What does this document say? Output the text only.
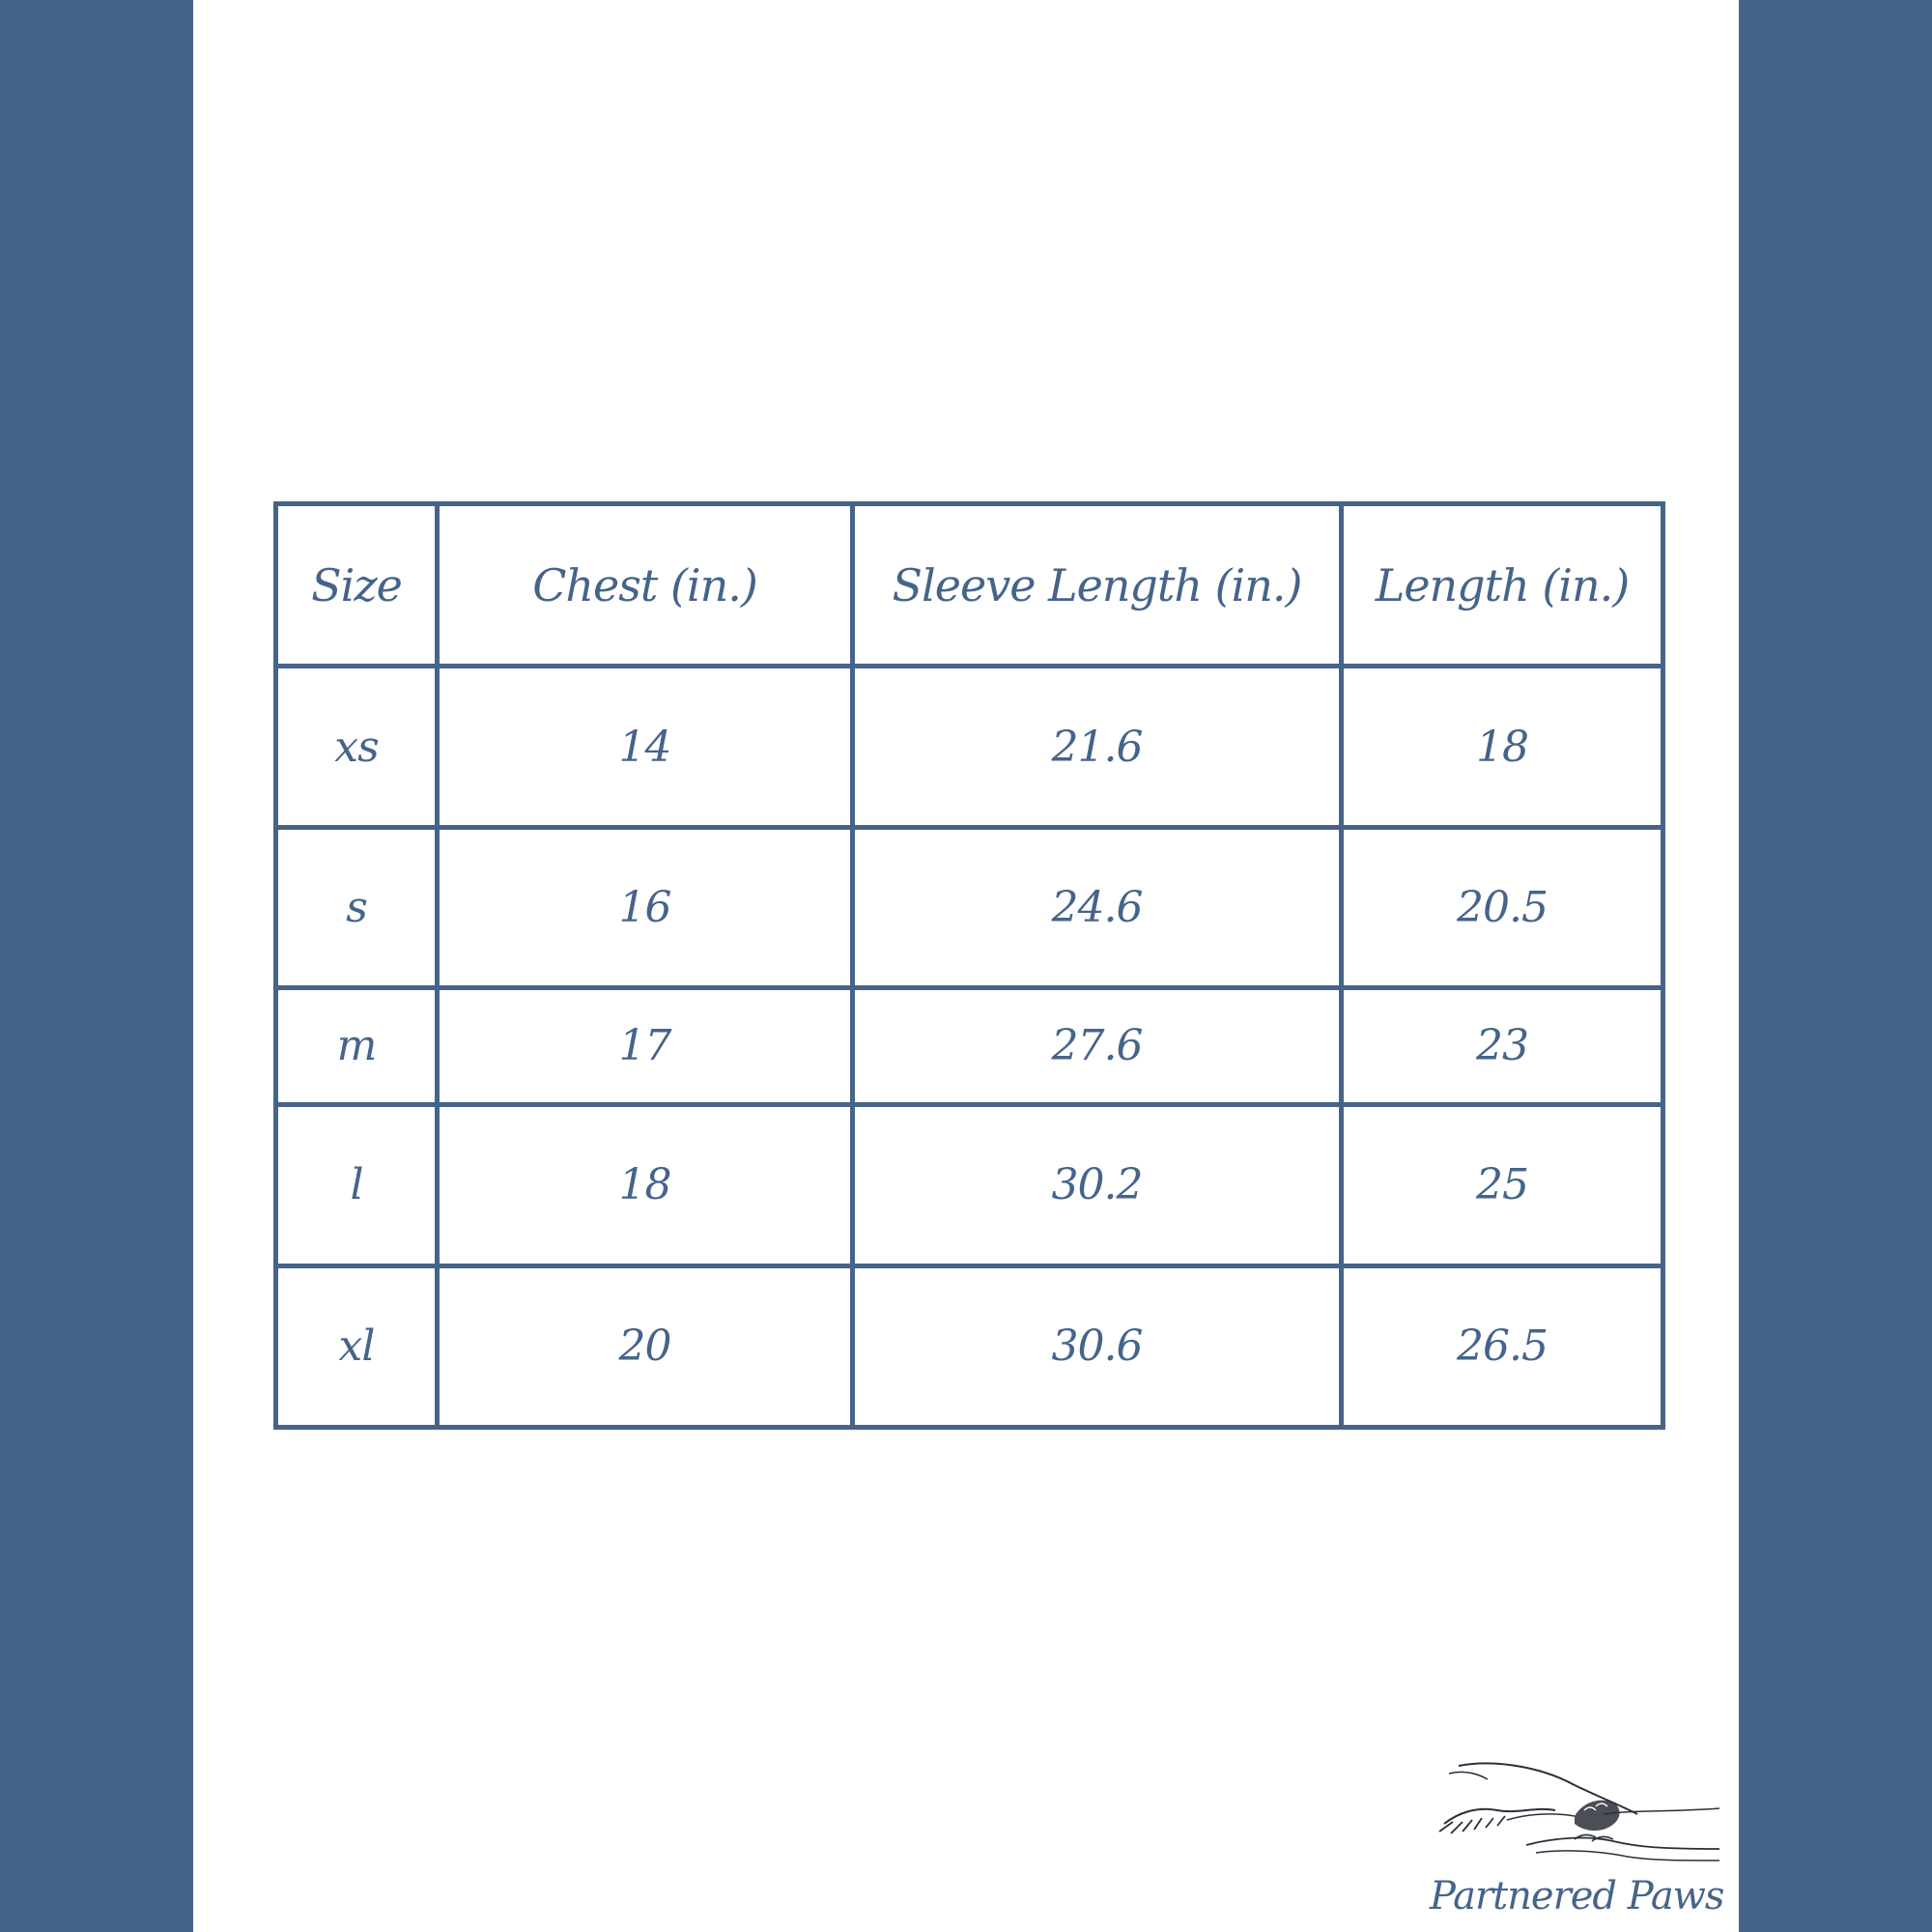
Size	Chest (in.)	Sleeve Length (in.)	Length (in.)
xs	14	21.6	18
s	16	24.6	20.5
m	17	27.6	23
l	18	30.2	25
xl	20	30.6	26.5
Partnered Paws
